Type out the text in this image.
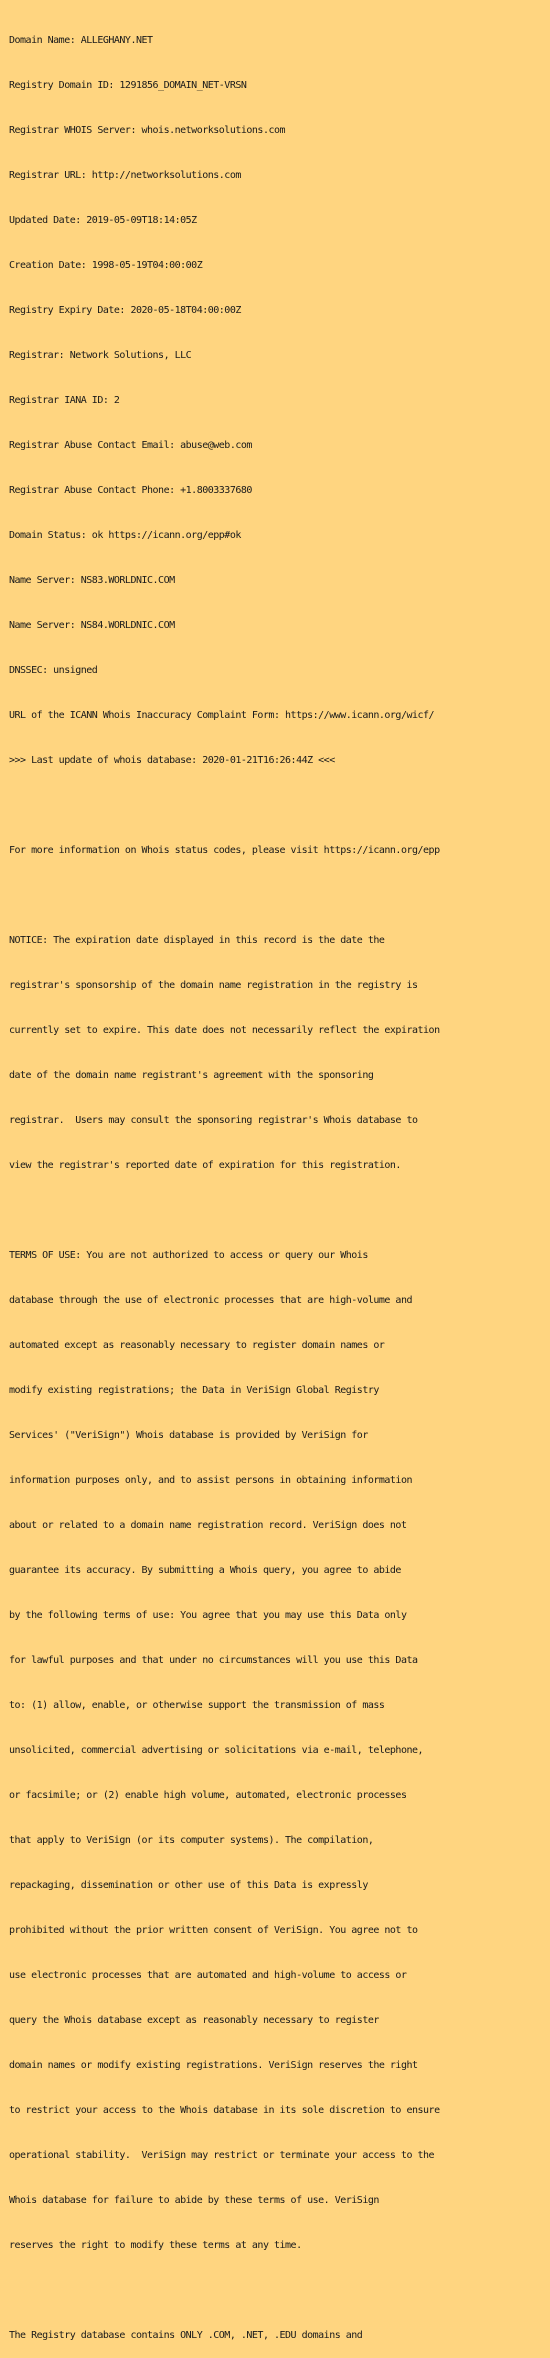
Domain Name: ALLEGHANY.NET

Registry Domain ID: 1291856_DOMAIN_NET-VRSN

Registrar WHOIS Server: whois.networksolutions.com

Registrar URL: http://networksolutions.com

Updated Date: 2019-05-09T18:14:05Z

Creation Date: 1998-05-19T04:00:00Z

Registry Expiry Date: 2020-05-18T04:00:00Z

Registrar: Network Solutions, LLC

Registrar IANA ID: 2

Registrar Abuse Contact Email: abuse@web.com

Registrar Abuse Contact Phone: +1.8003337680

Domain Status: ok https://icann.org/epp#ok

Name Server: NS83.WORLDNIC.COM

Name Server: NS84.WORLDNIC.COM

DNSSEC: unsigned

URL of the ICANN Whois Inaccuracy Complaint Form: https://www.icann.org/wicf/

>>> Last update of whois database: 2020-01-21T16:26:44Z <<<

For more information on Whois status codes, please visit https://icann.org/epp

NOTICE: The expiration date displayed in this record is the date the

registrar's sponsorship of the domain name registration in the registry is

currently set to expire. This date does not necessarily reflect the expiration

date of the domain name registrant's agreement with the sponsoring

registrar.  Users may consult the sponsoring registrar's Whois database to

view the registrar's reported date of expiration for this registration.

TERMS OF USE: You are not authorized to access or query our Whois

database through the use of electronic processes that are high-volume and

automated except as reasonably necessary to register domain names or

modify existing registrations; the Data in VeriSign Global Registry

Services' ("VeriSign") Whois database is provided by VeriSign for

information purposes only, and to assist persons in obtaining information

about or related to a domain name registration record. VeriSign does not

guarantee its accuracy. By submitting a Whois query, you agree to abide

by the following terms of use: You agree that you may use this Data only

for lawful purposes and that under no circumstances will you use this Data

to: (1) allow, enable, or otherwise support the transmission of mass

unsolicited, commercial advertising or solicitations via e-mail, telephone,

or facsimile; or (2) enable high volume, automated, electronic processes

that apply to VeriSign (or its computer systems). The compilation,

repackaging, dissemination or other use of this Data is expressly

prohibited without the prior written consent of VeriSign. You agree not to

use electronic processes that are automated and high-volume to access or

query the Whois database except as reasonably necessary to register

domain names or modify existing registrations. VeriSign reserves the right

to restrict your access to the Whois database in its sole discretion to ensure

operational stability.  VeriSign may restrict or terminate your access to the

Whois database for failure to abide by these terms of use. VeriSign

reserves the right to modify these terms at any time.

The Registry database contains ONLY .COM, .NET, .EDU domains and
